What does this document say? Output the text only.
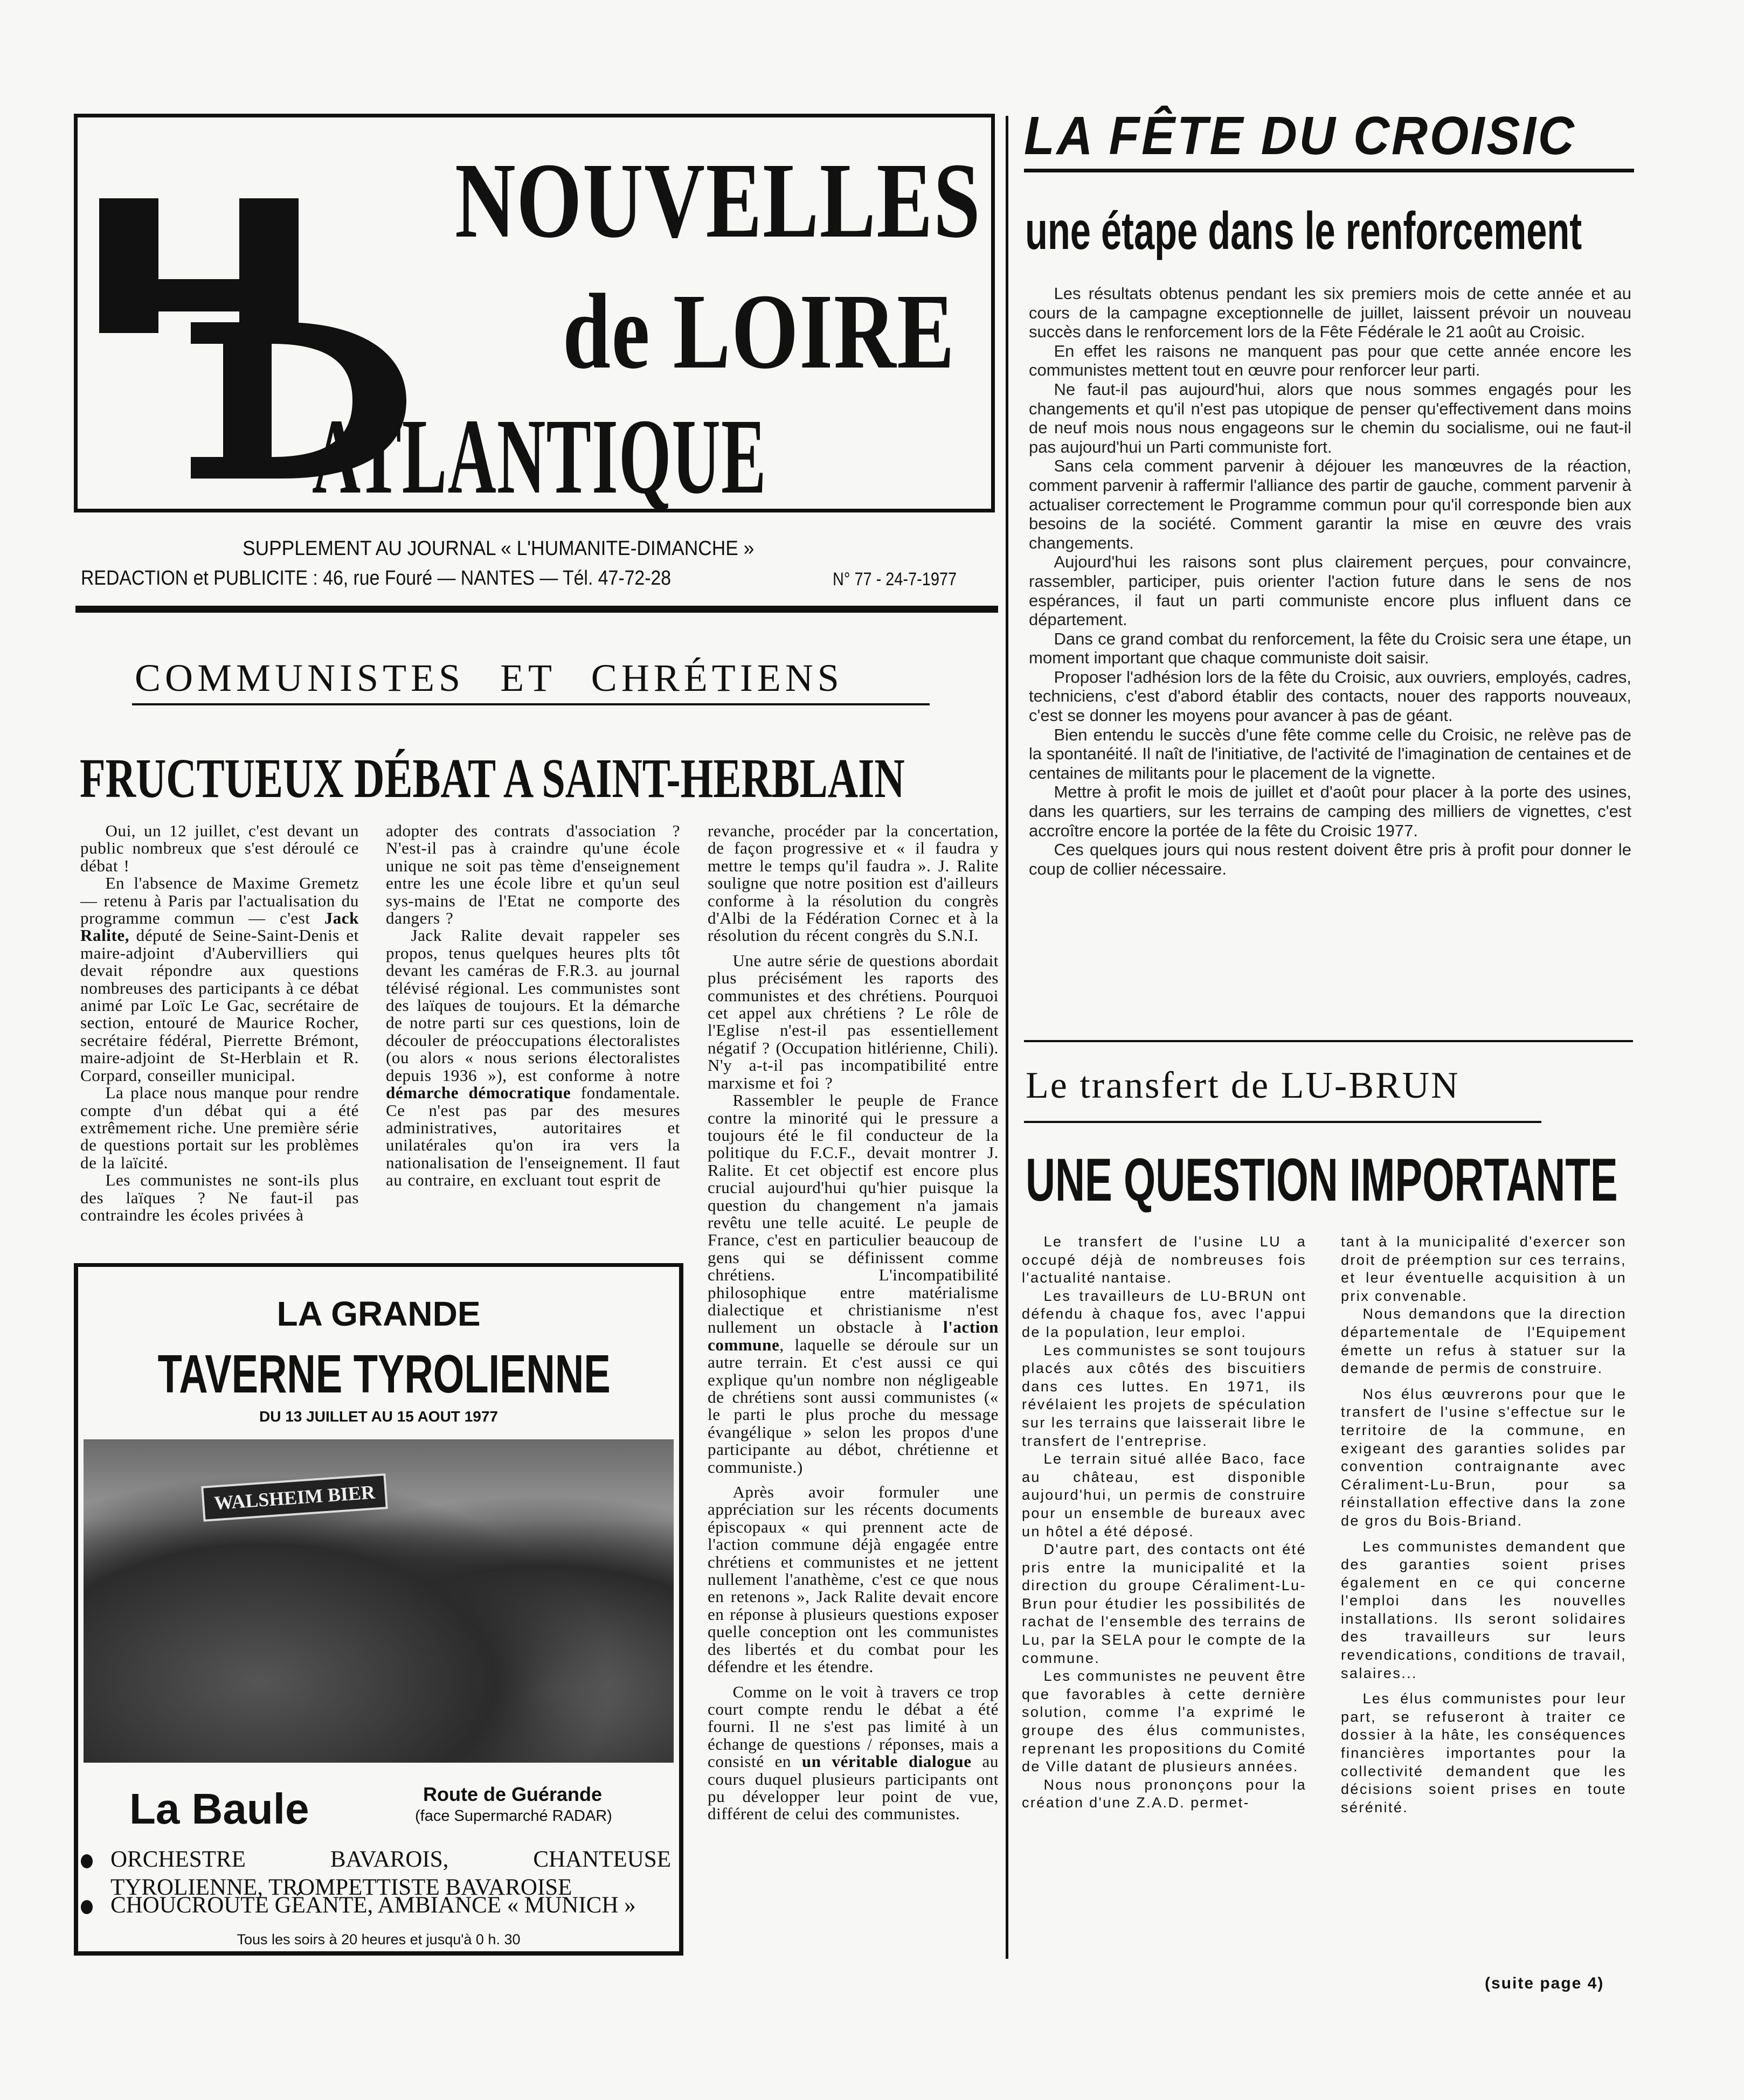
NOUVELLES
de LOIRE
ATLANTIQUE
SUPPLEMENT AU JOURNAL « L'HUMANITE-DIMANCHE »
REDACTION et PUBLICITE : 46, rue Fouré — NANTES — Tél. 47-72-28	N° 77 - 24-7-1977
COMMUNISTES ET CHRÉTIENS
FRUCTUEUX DÉBAT A SAINT-HERBLAIN

Oui, un 12 juillet, c'est devant un public nombreux que s'est déroulé ce débat !

En l'absence de Maxime Gremetz — retenu à Paris par l'actualisation du programme commun — c'est Jack Ralite, député de Seine-Saint-Denis et maire-adjoint d'Aubervilliers qui devait répondre aux questions nombreuses des participants à ce débat animé par Loïc Le Gac, secrétaire de section, entouré de Maurice Rocher, secrétaire fédéral, Pierrette Brémont, maire-adjoint de St-Herblain et R. Corpard, conseiller municipal.

La place nous manque pour rendre compte d'un débat qui a été extrêmement riche. Une première série de questions portait sur les problèmes de la laïcité.

Les communistes ne sont-ils plus des laïques ? Ne faut-il pas contraindre les écoles privées à

adopter des contrats d'association ? N'est-il pas à craindre qu'une école unique ne soit pas tème d'enseignement entre les une école libre et qu'un seul sys-mains de l'Etat ne comporte des dangers ?

Jack Ralite devait rappeler ses propos, tenus quelques heures plts tôt devant les caméras de F.R.3. au journal télévisé régional. Les communistes sont des laïques de toujours. Et la démarche de notre parti sur ces questions, loin de découler de préoccupations électoralistes (ou alors « nous serions électoralistes depuis 1936 »), est conforme à notre démarche démocratique fondamentale. Ce n'est pas par des mesures administratives, autoritaires et unilatérales qu'on ira vers la nationalisation de l'enseignement. Il faut au contraire, en excluant tout esprit de

revanche, procéder par la concertation, de façon progressive et « il faudra y mettre le temps qu'il faudra ». J. Ralite souligne que notre position est d'ailleurs conforme à la résolution du congrès d'Albi de la Fédération Cornec et à la résolution du récent congrès du S.N.I.

Une autre série de questions abordait plus précisément les raports des communistes et des chrétiens. Pourquoi cet appel aux chrétiens ? Le rôle de l'Eglise n'est-il pas essentiellement négatif ? (Occupation hitlérienne, Chili). N'y a-t-il pas incompatibilité entre marxisme et foi ?

Rassembler le peuple de France contre la minorité qui le pressure a toujours été le fil conducteur de la politique du F.C.F., devait montrer J. Ralite. Et cet objectif est encore plus crucial aujourd'hui qu'hier puisque la question du changement n'a jamais revêtu une telle acuité. Le peuple de France, c'est en particulier beaucoup de gens qui se définissent comme chrétiens. L'incompatibilité philosophique entre matérialisme dialectique et christianisme n'est nullement un obstacle à l'action commune, laquelle se déroule sur un autre terrain. Et c'est aussi ce qui explique qu'un nombre non négligeable de chrétiens sont aussi communistes (« le parti le plus proche du message évangélique » selon les propos d'une participante au débot, chrétienne et communiste.)

Après avoir formuler une appréciation sur les récents documents épiscopaux « qui prennent acte de l'action commune déjà engagée entre chrétiens et communistes et ne jettent nullement l'anathème, c'est ce que nous en retenons », Jack Ralite devait encore en réponse à plusieurs questions exposer quelle conception ont les communistes des libertés et du combat pour les défendre et les étendre.

Comme on le voit à travers ce trop court compte rendu le débat a été fourni. Il ne s'est pas limité à un échange de questions / réponses, mais a consisté en un véritable dialogue au cours duquel plusieurs participants ont pu développer leur point de vue, différent de celui des communistes.

LA GRANDE
TAVERNE TYROLIENNE
DU 13 JUILLET AU 15 AOUT 1977
WALSHEIM BIER
La Baule	Route de Guérande
(face Supermarché RADAR)
ORCHESTRE BAVAROIS, CHANTEUSE TYROLIENNE, TROMPETTISTE BAVAROISE
CHOUCROUTE GÉANTE, AMBIANCE « MUNICH »
Tous les soirs à 20 heures et jusqu'à 0 h. 30
LA FÊTE DU CROISIC
une étape dans le renforcement

Les résultats obtenus pendant les six premiers mois de cette année et au cours de la campagne exceptionnelle de juillet, laissent prévoir un nouveau succès dans le renforcement lors de la Fête Fédérale le 21 août au Croisic.

En effet les raisons ne manquent pas pour que cette année encore les communistes mettent tout en œuvre pour renforcer leur parti.

Ne faut-il pas aujourd'hui, alors que nous sommes engagés pour les changements et qu'il n'est pas utopique de penser qu'effectivement dans moins de neuf mois nous nous engageons sur le chemin du socialisme, oui ne faut-il pas aujourd'hui un Parti communiste fort.

Sans cela comment parvenir à déjouer les manœuvres de la réaction, comment parvenir à raffermir l'alliance des partir de gauche, comment parvenir à actualiser correctement le Programme commun pour qu'il corresponde bien aux besoins de la société. Comment garantir la mise en œuvre des vrais changements.

Aujourd'hui les raisons sont plus clairement perçues, pour convaincre, rassembler, participer, puis orienter l'action future dans le sens de nos espérances, il faut un parti communiste encore plus influent dans ce département.

Dans ce grand combat du renforcement, la fête du Croisic sera une étape, un moment important que chaque communiste doit saisir.

Proposer l'adhésion lors de la fête du Croisic, aux ouvriers, employés, cadres, techniciens, c'est d'abord établir des contacts, nouer des rapports nouveaux, c'est se donner les moyens pour avancer à pas de géant.

Bien entendu le succès d'une fête comme celle du Croisic, ne relève pas de la spontanéité. Il naît de l'initiative, de l'activité de l'imagination de centaines et de centaines de militants pour le placement de la vignette.

Mettre à profit le mois de juillet et d'août pour placer à la porte des usines, dans les quartiers, sur les terrains de camping des milliers de vignettes, c'est accroître encore la portée de la fête du Croisic 1977.

Ces quelques jours qui nous restent doivent être pris à profit pour donner le coup de collier nécessaire.

Le transfert de LU-BRUN
UNE QUESTION IMPORTANTE

Le transfert de l'usine LU a occupé déjà de nombreuses fois l'actualité nantaise.

Les travailleurs de LU-BRUN ont défendu à chaque fos, avec l'appui de la population, leur emploi.

Les communistes se sont toujours placés aux côtés des biscuitiers dans ces luttes. En 1971, ils révélaient les projets de spéculation sur les terrains que laisserait libre le transfert de l'entreprise.

Le terrain situé allée Baco, face au château, est disponible aujourd'hui, un permis de construire pour un ensemble de bureaux avec un hôtel a été déposé.

D'autre part, des contacts ont été pris entre la municipalité et la direction du groupe Céraliment-Lu-Brun pour étudier les possibilités de rachat de l'ensemble des terrains de Lu, par la SELA pour le compte de la commune.

Les communistes ne peuvent être que favorables à cette dernière solution, comme l'a exprimé le groupe des élus communistes, reprenant les propositions du Comité de Ville datant de plusieurs années.

Nous nous prononçons pour la création d'une Z.A.D. permet-

tant à la municipalité d'exercer son droit de préemption sur ces terrains, et leur éventuelle acquisition à un prix convenable.

Nous demandons que la direction départementale de l'Equipement émette un refus à statuer sur la demande de permis de construire.

Nos élus œuvrerons pour que le transfert de l'usine s'effectue sur le territoire de la commune, en exigeant des garanties solides par convention contraignante avec Céraliment-Lu-Brun, pour sa réinstallation effective dans la zone de gros du Bois-Briand.

Les communistes demandent que des garanties soient prises également en ce qui concerne l'emploi dans les nouvelles installations. Ils seront solidaires des travailleurs sur leurs revendications, conditions de travail, salaires...

Les élus communistes pour leur part, se refuseront à traiter ce dossier à la hâte, les conséquences financières importantes pour la collectivité demandent que les décisions soient prises en toute sérénité.

(suite page 4)
